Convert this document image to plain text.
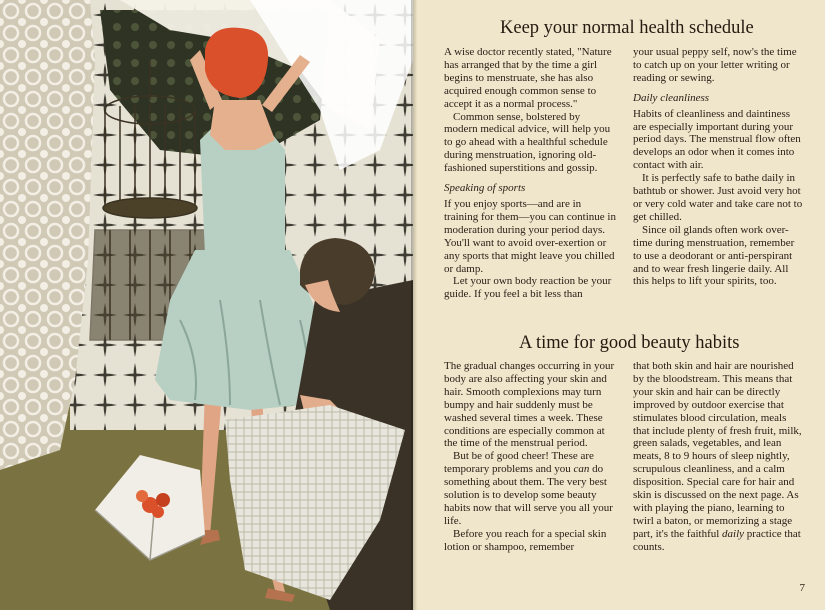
Keep your normal health schedule

A wise doctor recently stated, "Nature has arranged that by the time a girl begins to menstruate, she has also acquired enough common sense to accept it as a normal process."

Common sense, bolstered by modern medical advice, will help you to go ahead with a healthful schedule during menstruation, ignoring old-fashioned superstitions and gossip.

Speaking of sports

If you enjoy sports—and are in training for them—you can continue in moderation during your period days. You'll want to avoid over-exertion or any sports that might leave you chilled or damp.

Let your own body reaction be your guide. If you feel a bit less than

your usual peppy self, now's the time to catch up on your letter writing or reading or sewing.

Daily cleanliness

Habits of cleanliness and daintiness are especially important during your period days. The menstrual flow often develops an odor when it comes into contact with air.

It is perfectly safe to bathe daily in bathtub or shower. Just avoid very hot or very cold water and take care not to get chilled.

Since oil glands often work over-time during menstruation, remember to use a deodorant or anti-perspirant and to wear fresh lingerie daily. All this helps to lift your spirits, too.

A time for good beauty habits

The gradual changes occurring in your body are also affecting your skin and hair. Smooth complexions may turn bumpy and hair suddenly must be washed several times a week. These conditions are especially common at the time of the menstrual period.

But be of good cheer! These are temporary problems and you can do something about them. The very best solution is to develop some beauty habits now that will serve you all your life.

Before you reach for a special skin lotion or shampoo, remember

that both skin and hair are nourished by the bloodstream. This means that your skin and hair can be directly improved by outdoor exercise that stimulates blood circulation, meals that include plenty of fresh fruit, milk, green salads, vegetables, and lean meats, 8 to 9 hours of sleep nightly, scrupulous cleanliness, and a calm disposition. Special care for hair and skin is discussed on the next page. As with playing the piano, learning to twirl a baton, or memorizing a stage part, it's the faithful daily practice that counts.

7
